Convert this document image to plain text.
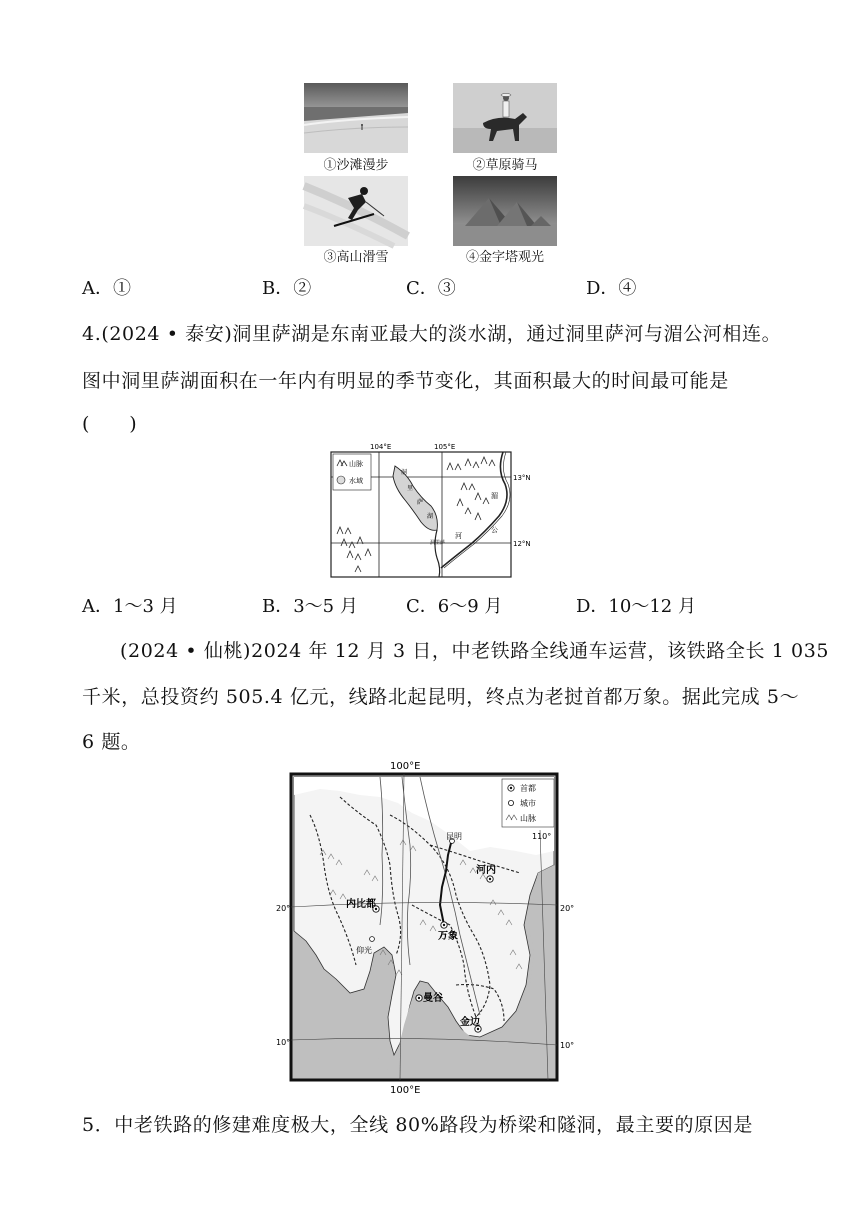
①沙滩漫步	②草原骑马
③高山滑雪	④金字塔观光
A．①	B．②	C．③	D．④
4.(2024 • 泰安)洞里萨湖是东南亚最大的淡水湖，通过洞里萨河与湄公河相连。
图中洞里萨湖面积在一年内有明显的季节变化，其面积最大的时间最可能是
(　　)
104°E	105°E
13°N
12°N
山脉
水域
洞
里
萨
湖
洞里萨
河
湄
公
A．1～3 月	B．3～5 月	C．6～9 月	D．10～12 月
(2024 • 仙桃)2024 年 12 月 3 日，中老铁路全线通车运营，该铁路全长 1 035
千米，总投资约 505.4 亿元，线路北起昆明，终点为老挝首都万象。据此完成 5～
6 题。
100°E
100°E
110°
20°	20°
10°	10°
首都
城市
山脉
昆明
河内
内比都
万象
仰光
曼谷
金边
5．中老铁路的修建难度极大，全线 80%路段为桥梁和隧洞，最主要的原因是
